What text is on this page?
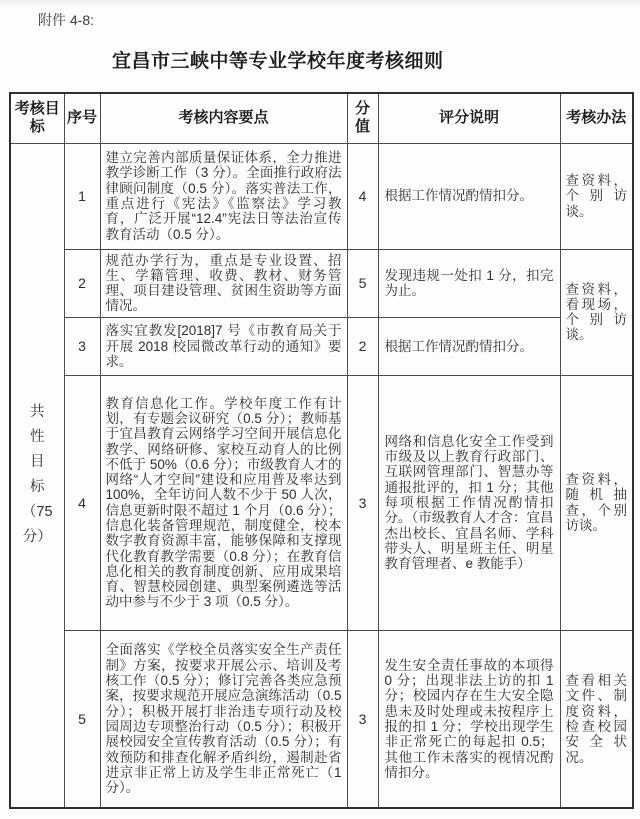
附件 4-8:
宜昌市三峡中等专业学校年度考核细则
考核目标	序号	考核内容要点	分值	评分说明	考核办法

共
性
目
标
（75
分）
	1	建立完善内部质量保证体系，全力推进教学诊断工作（3 分）。全面推行政府法律顾问制度（0.5 分）。落实普法工作，重点进行《宪法》《监察法》学习教育，广泛开展“12.4”宪法日等法治宣传教育活动（0.5 分）。	4	根据工作情况酌情扣分。	查资料，个别访谈。
	2	规范办学行为，重点是专业设置、招生、学籍管理、收费、教材、财务管理、项目建设管理、贫困生资助等方面情况。	5	发现违规一处扣 1 分，扣完为止。	查资料，看现场，个别访谈。
	3	落实宜教发[2018]7 号《市教育局关于开展 2018 校园微改革行动的通知》要求。	2	根据工作情况酌情扣分。	
	4	教育信息化工作。学校年度工作有计划，有专题会议研究（0.5 分）；教师基于宜昌教育云网络学习空间开展信息化教学、网络研修、家校互动育人的比例不低于 50%（0.6 分）；市级教育人才的网络“人才空间”建设和应用普及率达到 100%，全年访问人数不少于 50 人次，信息更新时限不超过 1 个月（0.6 分）；信息化装备管理规范，制度健全，校本数字教育资源丰富，能够保障和支撑现代化教育教学需要（0.8 分）；在教育信息化相关的教育制度创新、应用成果培育、智慧校园创建、典型案例遴选等活动中参与不少于 3 项（0.5 分）。	3	网络和信息化安全工作受到市级及以上教育行政部门、互联网管理部门、智慧办等通报批评的，扣 1 分；其他每项根据工作情况酌情扣分。（市级教育人才含：宜昌杰出校长、宜昌名师、学科带头人、明星班主任、明星教育管理者、e 教能手）	查资料，随机抽查，个别访谈。
	5	全面落实《学校全员落实安全生产责任制》方案，按要求开展公示、培训及考核工作（0.5 分）；修订完善各类应急预案，按要求规范开展应急演练活动（0.5 分）；积极开展打非治违专项行动及校园周边专项整治行动（0.5 分）；积极开展校园安全宣传教育活动（0.5 分）；有效预防和排查化解矛盾纠纷，遏制赴省进京非正常上访及学生非正常死亡（1 分）。	3	发生安全责任事故的本项得 0 分；出现非法上访的扣 1 分；校园内存在生大安全隐患未及时处理或未按程序上报的扣 1 分；学校出现学生非正常死亡的每起扣 0.5；其他工作未落实的视情况酌情扣分。	查看相关文件、制度资料，检查校园安全状况。
